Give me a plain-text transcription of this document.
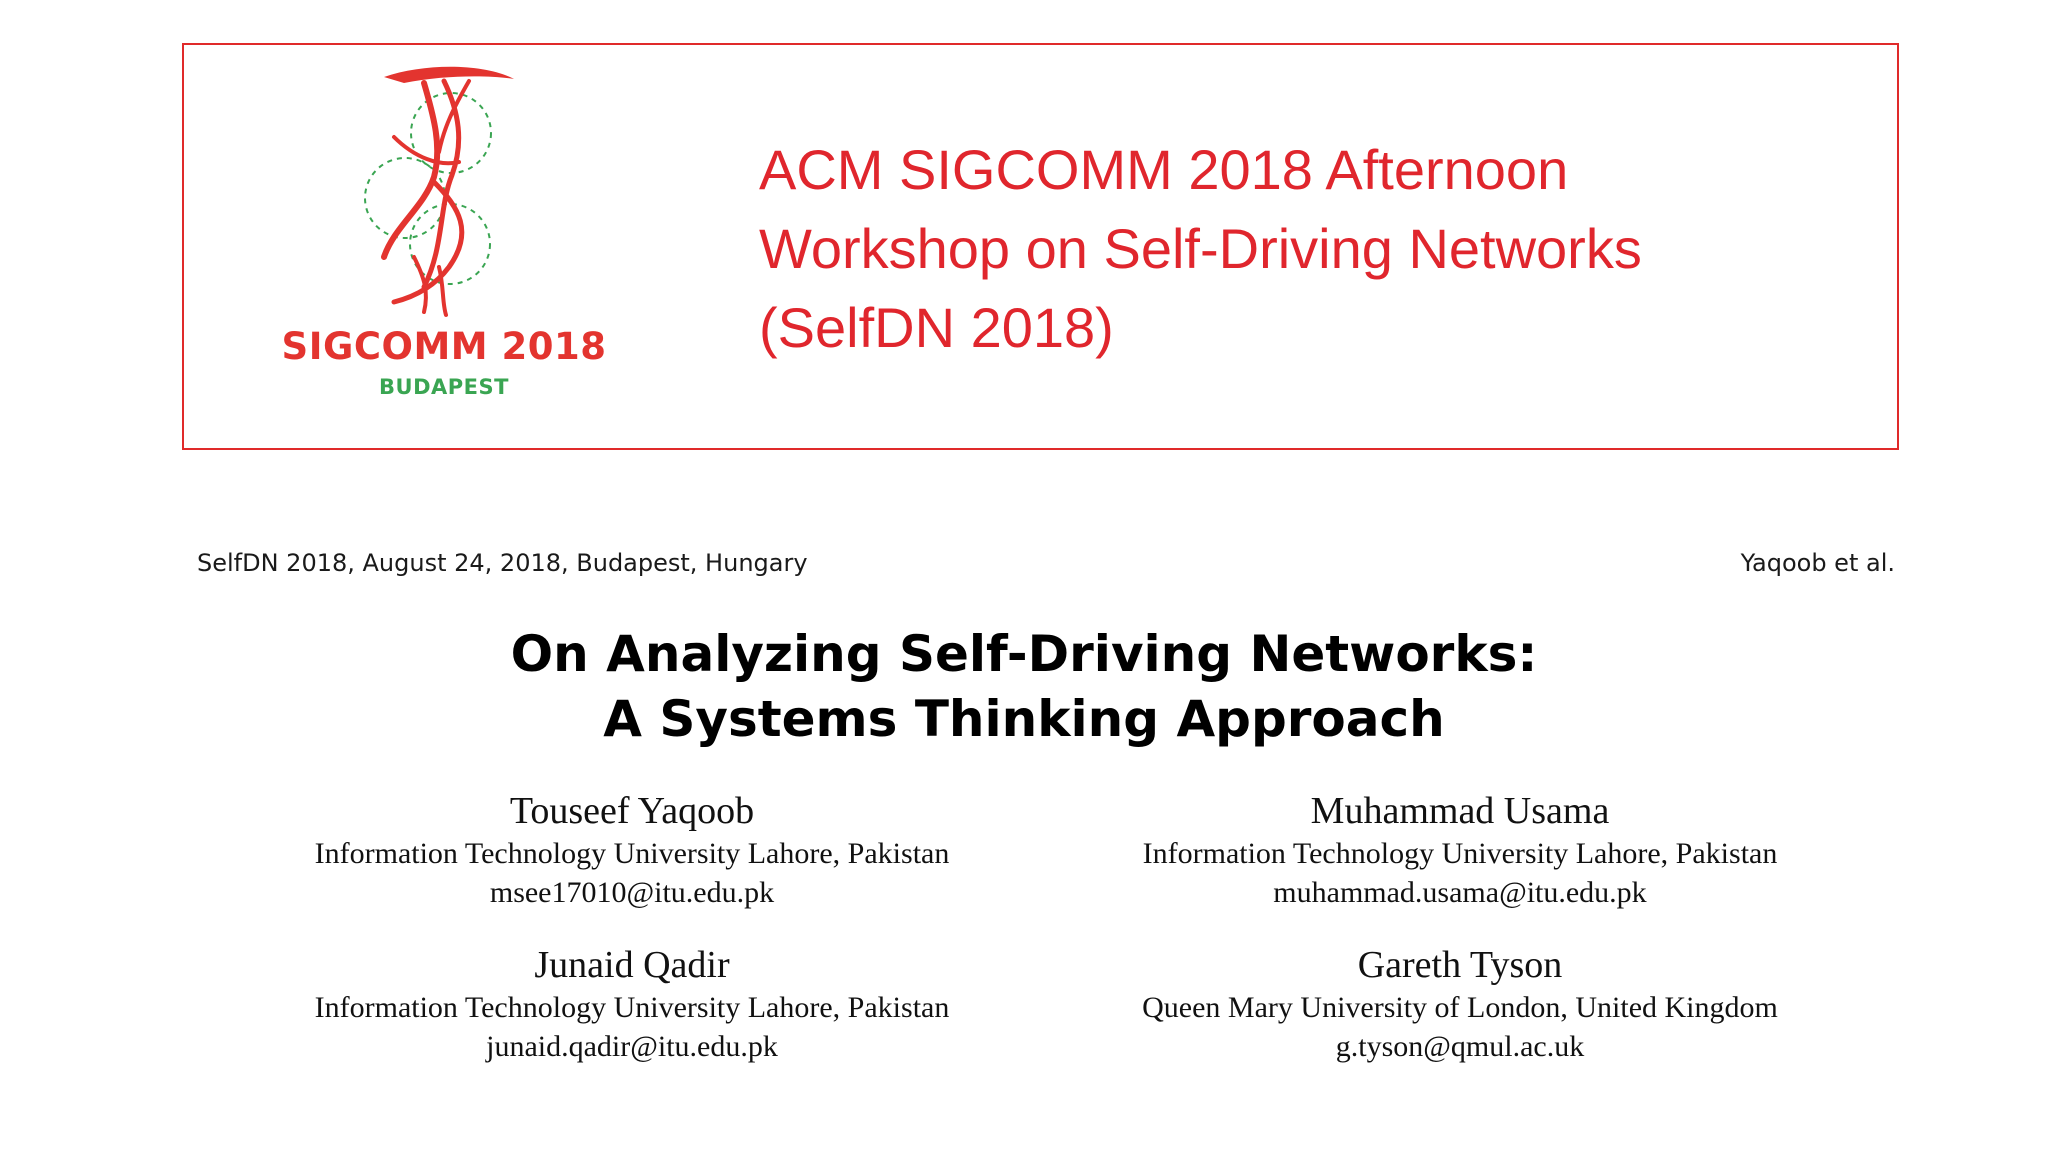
SIGCOMM 2018
BUDAPEST
ACM SIGCOMM 2018 Afternoon
Workshop on Self-Driving Networks
(SelfDN 2018)
SelfDN 2018, August 24, 2018, Budapest, Hungary	Yaqoob et al.
On Analyzing Self-Driving Networks:
A Systems Thinking Approach
Touseef Yaqoob
Information Technology University Lahore, Pakistan
msee17010@itu.edu.pk
Muhammad Usama
Information Technology University Lahore, Pakistan
muhammad.usama@itu.edu.pk
Junaid Qadir
Information Technology University Lahore, Pakistan
junaid.qadir@itu.edu.pk
Gareth Tyson
Queen Mary University of London, United Kingdom
g.tyson@qmul.ac.uk
